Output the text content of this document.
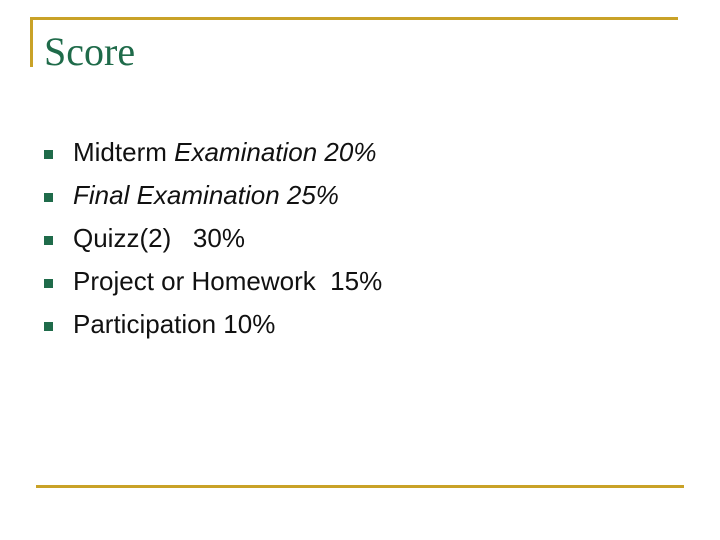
Score
Midterm Examination 20%
Final Examination 25%
Quizz(2)   30%
Project or Homework  15%
Participation 10%
